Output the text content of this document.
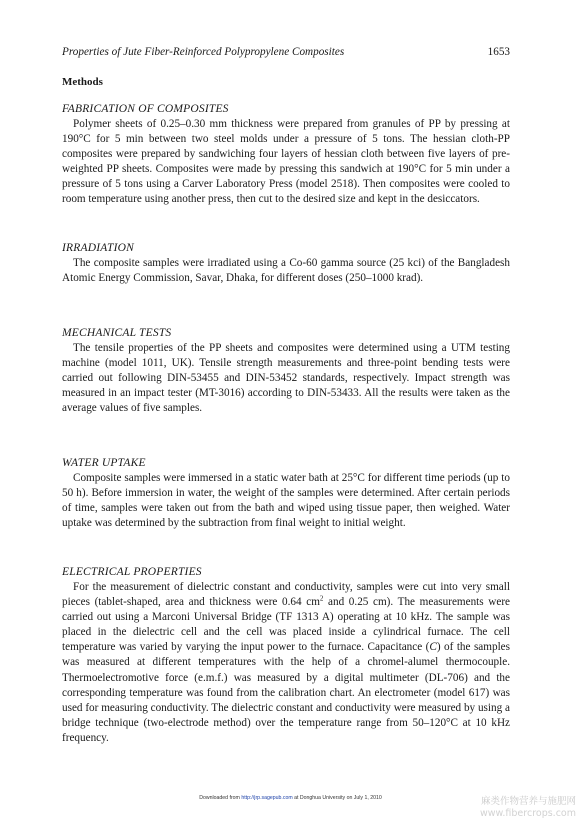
Properties of Jute Fiber-Reinforced Polypropylene Composites	1653
Methods
FABRICATION OF COMPOSITES

Polymer sheets of 0.25–0.30 mm thickness were prepared from granules of PP by pressing at 190°C for 5 min between two steel molds under a pressure of 5 tons. The hessian cloth-PP composites were prepared by sandwiching four layers of hessian cloth between five layers of pre-weighted PP sheets. Composites were made by pressing this sandwich at 190°C for 5 min under a pressure of 5 tons using a Carver Laboratory Press (model 2518). Then composites were cooled to room temperature using another press, then cut to the desired size and kept in the desiccators.

IRRADIATION

The composite samples were irradiated using a Co-60 gamma source (25 kci) of the Bangladesh Atomic Energy Commission, Savar, Dhaka, for different doses (250–1000 krad).

MECHANICAL TESTS

The tensile properties of the PP sheets and composites were determined using a UTM testing machine (model 1011, UK). Tensile strength measurements and three-point bending tests were carried out following DIN-53455 and DIN-53452 standards, respectively. Impact strength was measured in an impact tester (MT-3016) according to DIN-53433. All the results were taken as the average values of five samples.

WATER UPTAKE

Composite samples were immersed in a static water bath at 25°C for different time periods (up to 50 h). Before immersion in water, the weight of the samples were determined. After certain periods of time, samples were taken out from the bath and wiped using tissue paper, then weighed. Water uptake was determined by the subtraction from final weight to initial weight.

ELECTRICAL PROPERTIES

For the measurement of dielectric constant and conductivity, samples were cut into very small pieces (tablet-shaped, area and thickness were 0.64 $cm^2$ and 0.25 cm). The measurements were carried out using a Marconi Universal Bridge (TF 1313 A) operating at 10 kHz. The sample was placed in the dielectric cell and the cell was placed inside a cylindrical furnace. The cell temperature was varied by varying the input power to the furnace. Capacitance (C) of the samples was measured at different temperatures with the help of a chromel-alumel thermocouple. Thermoelectromotive force (e.m.f.) was measured by a digital multimeter (DL-706) and the corresponding temperature was found from the calibration chart. An electrometer (model 617) was used for measuring conductivity. The dielectric constant and conductivity were measured by using a bridge technique (two-electrode method) over the temperature range from 50–120°C at 10 kHz frequency.

Downloaded from http://jrp.sagepub.com at Donghua University on July 1, 2010	麻类作物营养与施肥网
www.fibercrops.com
